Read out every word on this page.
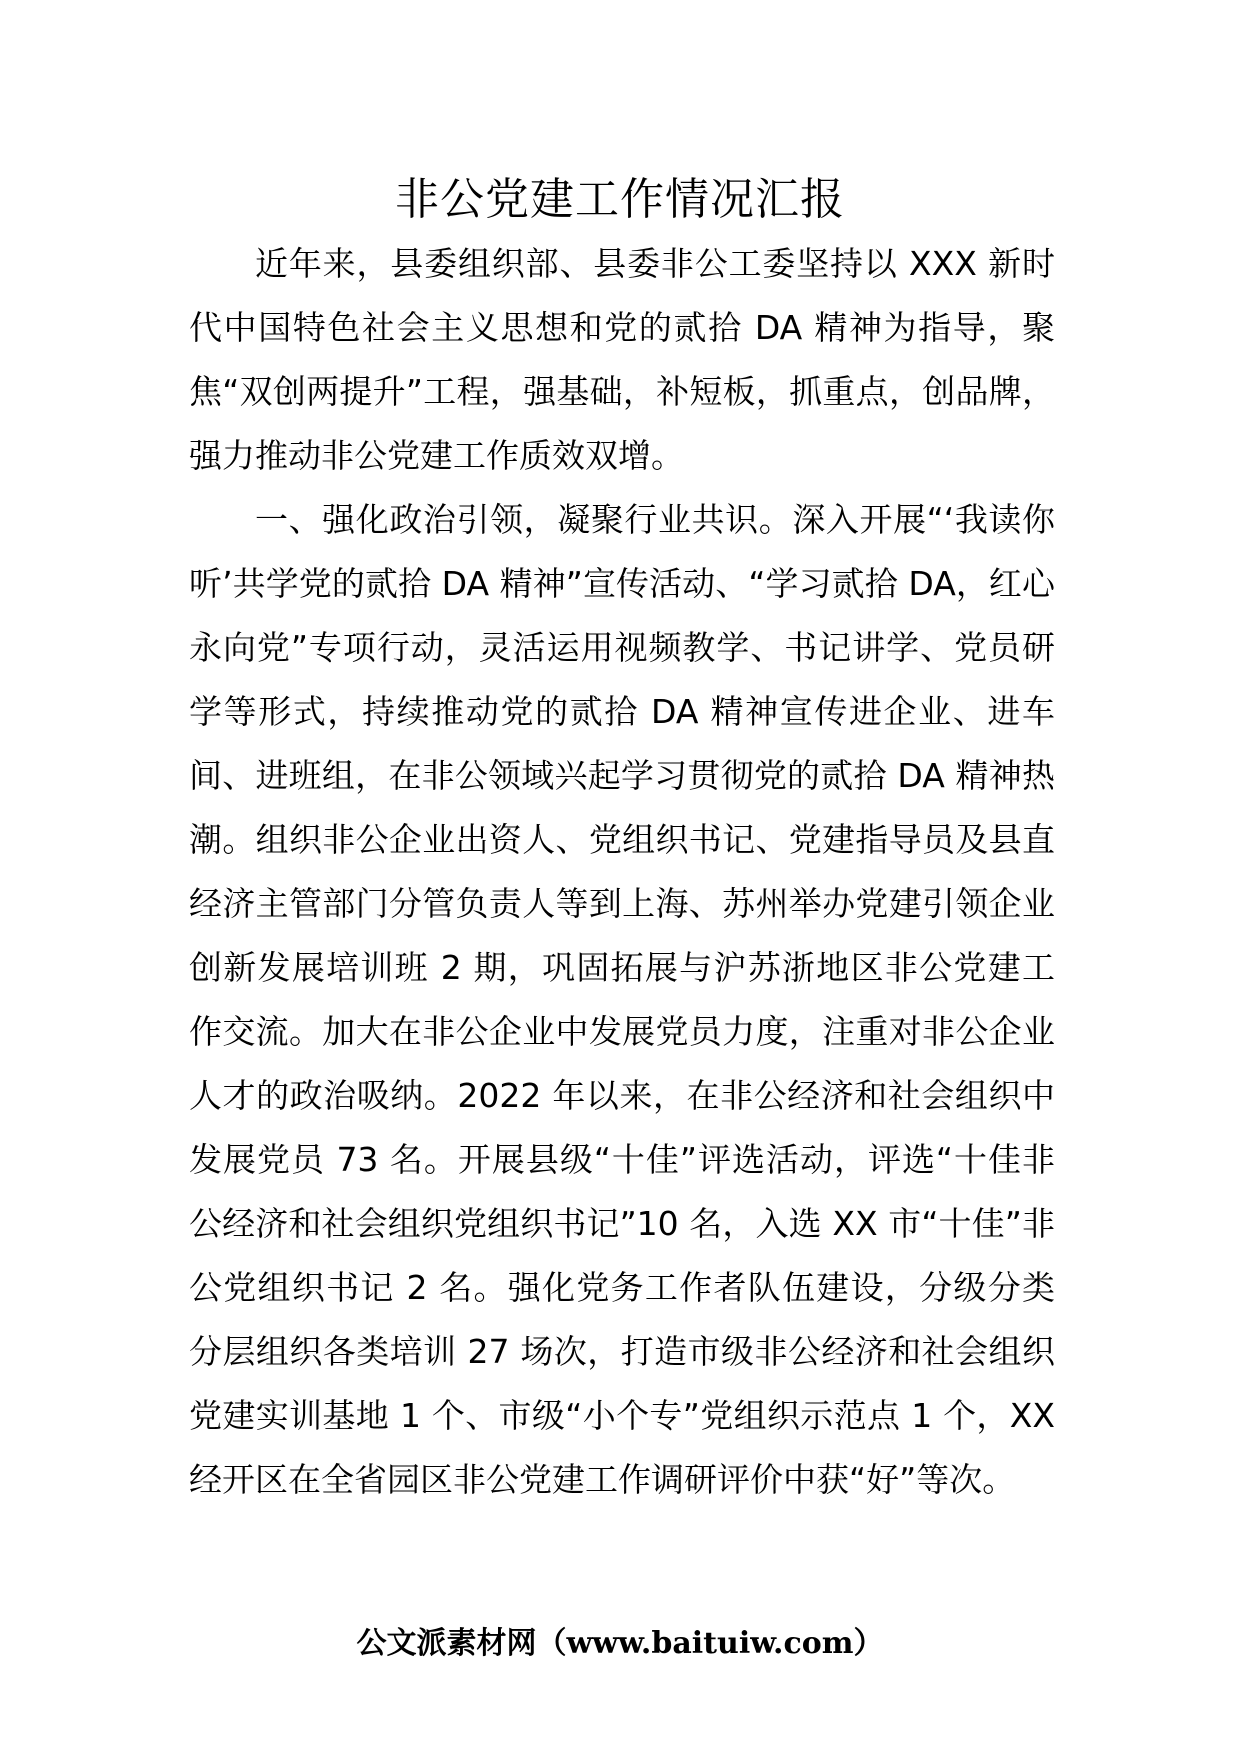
非公党建工作情况汇报

近年来，县委组织部、县委非公工委坚持以 XXX 新时代中国特色社会主义思想和党的贰拾 DA 精神为指导，聚焦“双创两提升”工程，强基础，补短板，抓重点，创品牌，强力推动非公党建工作质效双增。

一、强化政治引领，凝聚行业共识。深入开展“‘我读你听’共学党的贰拾 DA 精神”宣传活动、“学习贰拾 DA，红心永向党”专项行动，灵活运用视频教学、书记讲学、党员研学等形式，持续推动党的贰拾 DA 精神宣传进企业、进车间、进班组，在非公领域兴起学习贯彻党的贰拾 DA 精神热潮。组织非公企业出资人、党组织书记、党建指导员及县直经济主管部门分管负责人等到上海、苏州举办党建引领企业创新发展培训班 2 期，巩固拓展与沪苏浙地区非公党建工作交流。加大在非公企业中发展党员力度，注重对非公企业人才的政治吸纳。2022 年以来，在非公经济和社会组织中发展党员 73 名。开展县级“十佳”评选活动，评选“十佳非公经济和社会组织党组织书记”10 名，入选 XX 市“十佳”非公党组织书记 2 名。强化党务工作者队伍建设，分级分类分层组织各类培训 27 场次，打造市级非公经济和社会组织党建实训基地 1 个、市级“小个专”党组织示范点 1 个，XX 经开区在全省园区非公党建工作调研评价中获“好”等次。

公文派素材网（www.baituiw.com）
